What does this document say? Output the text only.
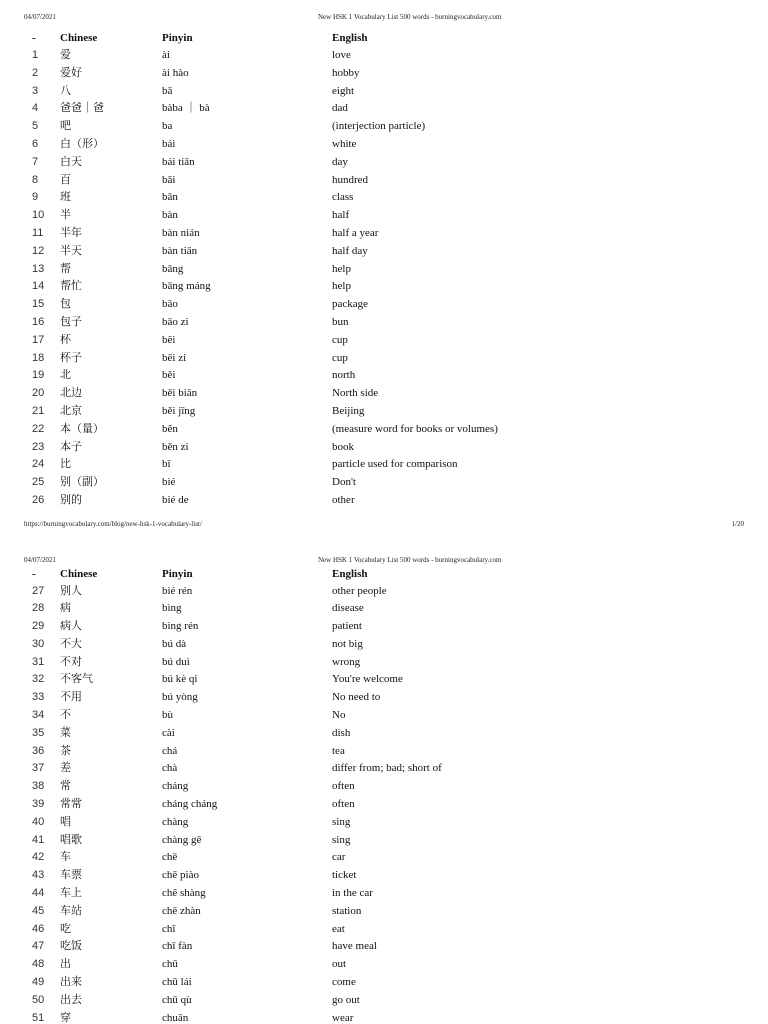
04/07/2021	New HSK 1 Vocabulary List 500 words - burningvocabulary.com
- Chinese	Pinyin	English
1 爱	ài	love
2 爱好	ài hào	hobby
3 八	bā	eight
4 爸爸｜爸	bàba ｜ bà	dad
5 吧	ba	(interjection particle)
6 白（形）	bái	white
7 白天	bái tiān	day
8 百	bǎi	hundred
9 班	bān	class
10 半	bàn	half
11 半年	bàn nián	half a year
12 半天	bàn tiān	half day
13 帮	bāng	help
14 帮忙	bāng máng	help
15 包	bāo	package
16 包子	bāo zi	bun
17 杯	bēi	cup
18 杯子	bēi zi	cup
19 北	běi	north
20 北边	běi biān	North side
21 北京	běi jīng	Beijing
22 本（量）	běn	(measure word for books or volumes)
23 本子	běn zi	book
24 比	bǐ	particle used for comparison
25 别（副）	bié	Don't
26 别的	bié de	other
https://burningvocabulary.com/blog/new-hsk-1-vocabulary-list/	1/20
04/07/2021	New HSK 1 Vocabulary List 500 words - burningvocabulary.com
- Chinese	Pinyin	English
27 别人	bié rén	other people
28 病	bìng	disease
29 病人	bìng rén	patient
30 不大	bú dà	not big
31 不对	bú duì	wrong
32 不客气	bú kè qi	You're welcome
33 不用	bú yòng	No need to
34 不	bù	No
35 菜	cài	dish
36 茶	chá	tea
37 差	chà	differ from; bad; short of
38 常	cháng	often
39 常常	cháng cháng	often
40 唱	chàng	sing
41 唱歌	chàng gē	sing
42 车	chē	car
43 车票	chē piào	ticket
44 车上	chē shàng	in the car
45 车站	chē zhàn	station
46 吃	chī	eat
47 吃饭	chī fàn	have meal
48 出	chū	out
49 出来	chū lái	come
50 出去	chū qù	go out
51 穿	chuān	wear
